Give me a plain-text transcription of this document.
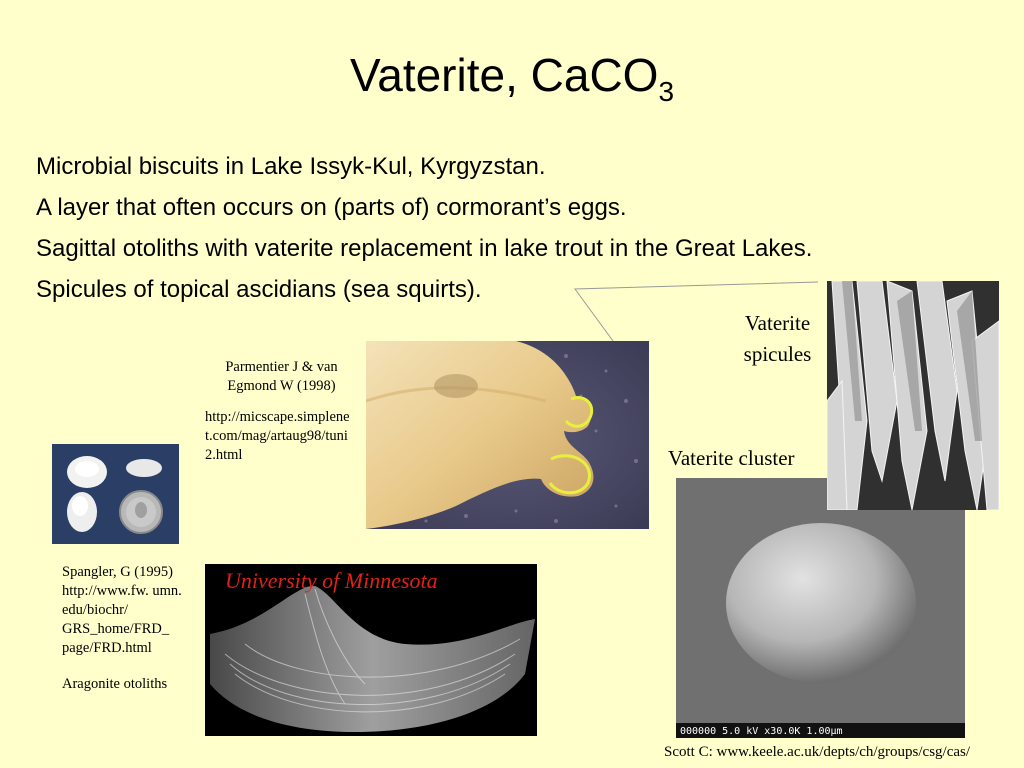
Vaterite, CaCO$_3$
Microbial biscuits in Lake Issyk-Kul, Kyrgyzstan.
A layer that often occurs on (parts of) cormorant’s eggs.
Sagittal otoliths with vaterite replacement in lake trout in the Great Lakes.
Spicules of topical ascidians (sea squirts).
Parmentier J & van Egmond W (1998)
http://micscape.simplenet.com/mag/artaug98/tuni2.html
Spangler, G (1995) http://www.fw. umn. edu/biochr/ GRS_home/FRD_ page/FRD.html
Aragonite otoliths
University of Minnesota
Vaterite spicules
Vaterite cluster
000000 5.0 kV x30.0K 1.00µm
Scott C: www.keele.ac.uk/depts/ch/groups/csg/cas/
